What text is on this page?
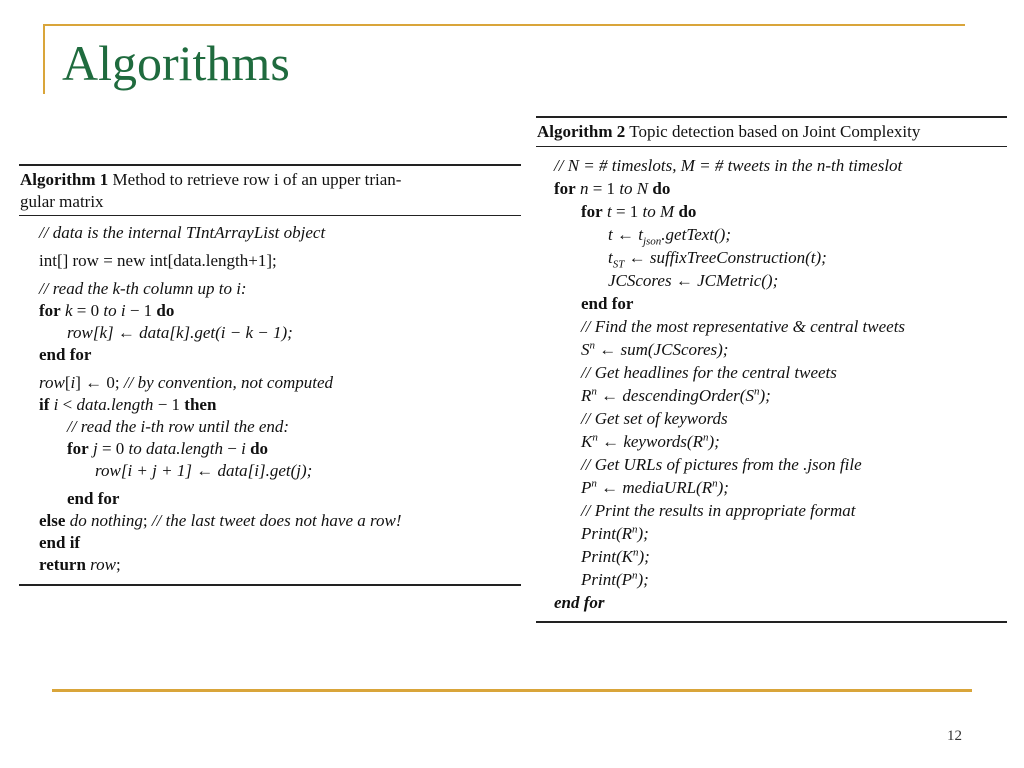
Algorithms
Algorithm 1 Method to retrieve row i of an upper trian-
gular matrix
// data is the internal TIntArrayList object
int[] row = new int[data.length+1];
// read the k-th column up to i:
for k = 0 to i − 1 do
row[k] ← data[k].get(i − k − 1);
end for
row[i] ← 0; // by convention, not computed
if i < data.length − 1 then
// read the i-th row until the end:
for j = 0 to data.length − i do
row[i + j + 1] ← data[i].get(j);
end for
else do nothing; // the last tweet does not have a row!
end if
return row;
Algorithm 2 Topic detection based on Joint Complexity
// N = # timeslots, M = # tweets in the n-th timeslot
for n = 1 to N do
for t = 1 to M do
t ← $t_{json}.getText()$;
$t_{ST}$ ← suffixTreeConstruction(t);
JCScores ← JCMetric();
end for
// Find the most representative & central tweets
$S^n$ ← sum(JCScores);
// Get headlines for the central tweets
$R^n$ ← $descendingOrder(S^n)$;
// Get set of keywords
$K^n$ ← $keywords(R^n)$;
// Get URLs of pictures from the .json file
$P^n$ ← $mediaURL(R^n)$;
// Print the results in appropriate format
$Print(R^n)$;
$Print(K^n)$;
$Print(P^n)$;
end for
12
